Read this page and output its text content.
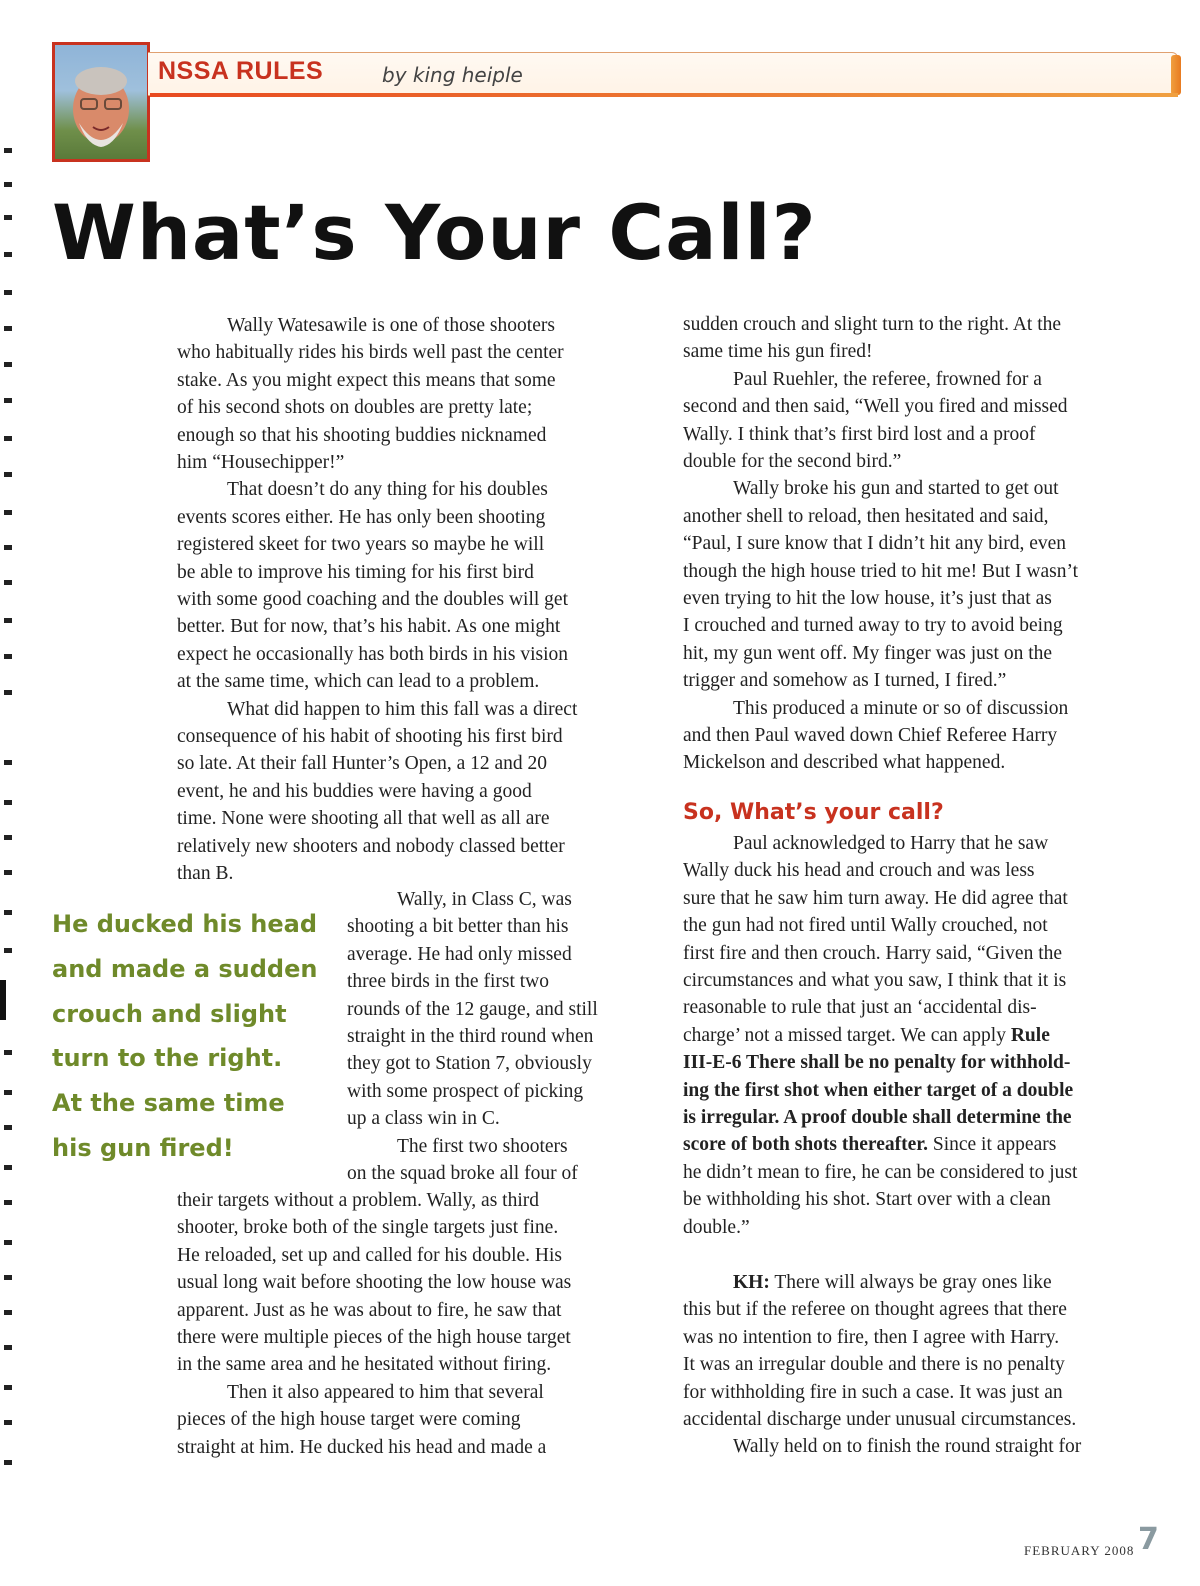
NSSA RULES	by king heiple
What’s Your Call?
Wally Watesawile is one of those shooters
who habitually rides his birds well past the center
stake. As you might expect this means that some
of his second shots on doubles are pretty late;
enough so that his shooting buddies nicknamed
him “Housechipper!”
That doesn’t do any thing for his doubles
events scores either. He has only been shooting
registered skeet for two years so maybe he will
be able to improve his timing for his first bird
with some good coaching and the doubles will get
better. But for now, that’s his habit. As one might
expect he occasionally has both birds in his vision
at the same time, which can lead to a problem.
What did happen to him this fall was a direct
consequence of his habit of shooting his first bird
so late. At their fall Hunter’s Open, a 12 and 20
event, he and his buddies were having a good
time. None were shooting all that well as all are
relatively new shooters and nobody classed better
than B.
Wally, in Class C, was
shooting a bit better than his
average. He had only missed
three birds in the first two
rounds of the 12 gauge, and still
straight in the third round when
they got to Station 7, obviously
with some prospect of picking
up a class win in C.
The first two shooters
on the squad broke all four of
their targets without a problem. Wally, as third
shooter, broke both of the single targets just fine.
He reloaded, set up and called for his double. His
usual long wait before shooting the low house was
apparent. Just as he was about to fire, he saw that
there were multiple pieces of the high house target
in the same area and he hesitated without firing.
Then it also appeared to him that several
pieces of the high house target were coming
straight at him. He ducked his head and made a
He ducked his head
and made a sudden
crouch and slight
turn to the right.
At the same time
his gun fired!
sudden crouch and slight turn to the right. At the
same time his gun fired!
Paul Ruehler, the referee, frowned for a
second and then said, “Well you fired and missed
Wally. I think that’s first bird lost and a proof
double for the second bird.”
Wally broke his gun and started to get out
another shell to reload, then hesitated and said,
“Paul, I sure know that I didn’t hit any bird, even
though the high house tried to hit me! But I wasn’t
even trying to hit the low house, it’s just that as
I crouched and turned away to try to avoid being
hit, my gun went off. My finger was just on the
trigger and somehow as I turned, I fired.”
This produced a minute or so of discussion
and then Paul waved down Chief Referee Harry
Mickelson and described what happened.
So, What’s your call?
Paul acknowledged to Harry that he saw
Wally duck his head and crouch and was less
sure that he saw him turn away. He did agree that
the gun had not fired until Wally crouched, not
first fire and then crouch. Harry said, “Given the
circumstances and what you saw, I think that it is
reasonable to rule that just an ‘accidental dis-
charge’ not a missed target. We can apply Rule
III-E-6 There shall be no penalty for withhold-
ing the first shot when either target of a double
is irregular. A proof double shall determine the
score of both shots thereafter. Since it appears
he didn’t mean to fire, he can be considered to just
be withholding his shot. Start over with a clean
double.”
KH: There will always be gray ones like
this but if the referee on thought agrees that there
was no intention to fire, then I agree with Harry.
It was an irregular double and there is no penalty
for withholding fire in such a case. It was just an
accidental discharge under unusual circumstances.
Wally held on to finish the round straight for
FEBRUARY 2008 7
